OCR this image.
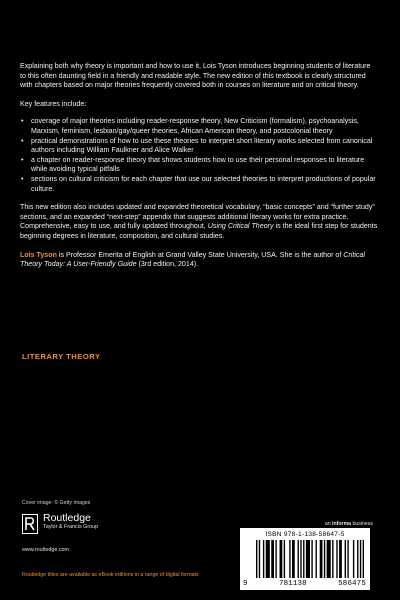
Explaining both why theory is important and how to use it, Lois Tyson introduces beginning students of literature to this often daunting field in a friendly and readable style. The new edition of this textbook is clearly structured with chapters based on major theories frequently covered both in courses on literature and on critical theory.

Key features include:

• coverage of major theories including reader-response theory, New Criticism (formalism), psychoanalysis, Marxism, feminism, lesbian/gay/queer theories, African American theory, and postcolonial theory
• practical demonstrations of how to use these theories to interpret short literary works selected from canonical authors including William Faulkner and Alice Walker
• a chapter on reader-response theory that shows students how to use their personal responses to literature while avoiding typical pitfalls
• sections on cultural criticism for each chapter that use our selected theories to interpret productions of popular culture.

This new edition also includes updated and expanded theoretical vocabulary, “basic concepts” and “further study” sections, and an expanded “next-step” appendix that suggests additional literary works for extra practice. Comprehensive, easy to use, and fully updated throughout, Using Critical Theory is the ideal first step for students beginning degrees in literature, composition, and cultural studies.

Lois Tyson is Professor Emerita of English at Grand Valley State University, USA. She is the author of Critical Theory Today: A User-Friendly Guide (3rd edition, 2014).

LITERARY THEORY
Cover image: © Getty Images
Routledge
Taylor & Francis Group
www.routledge.com
an informa business
ISBN 978-1-138-58647-5
9	781138	586475
Routledge titles are available as eBook editions in a range of digital formats
